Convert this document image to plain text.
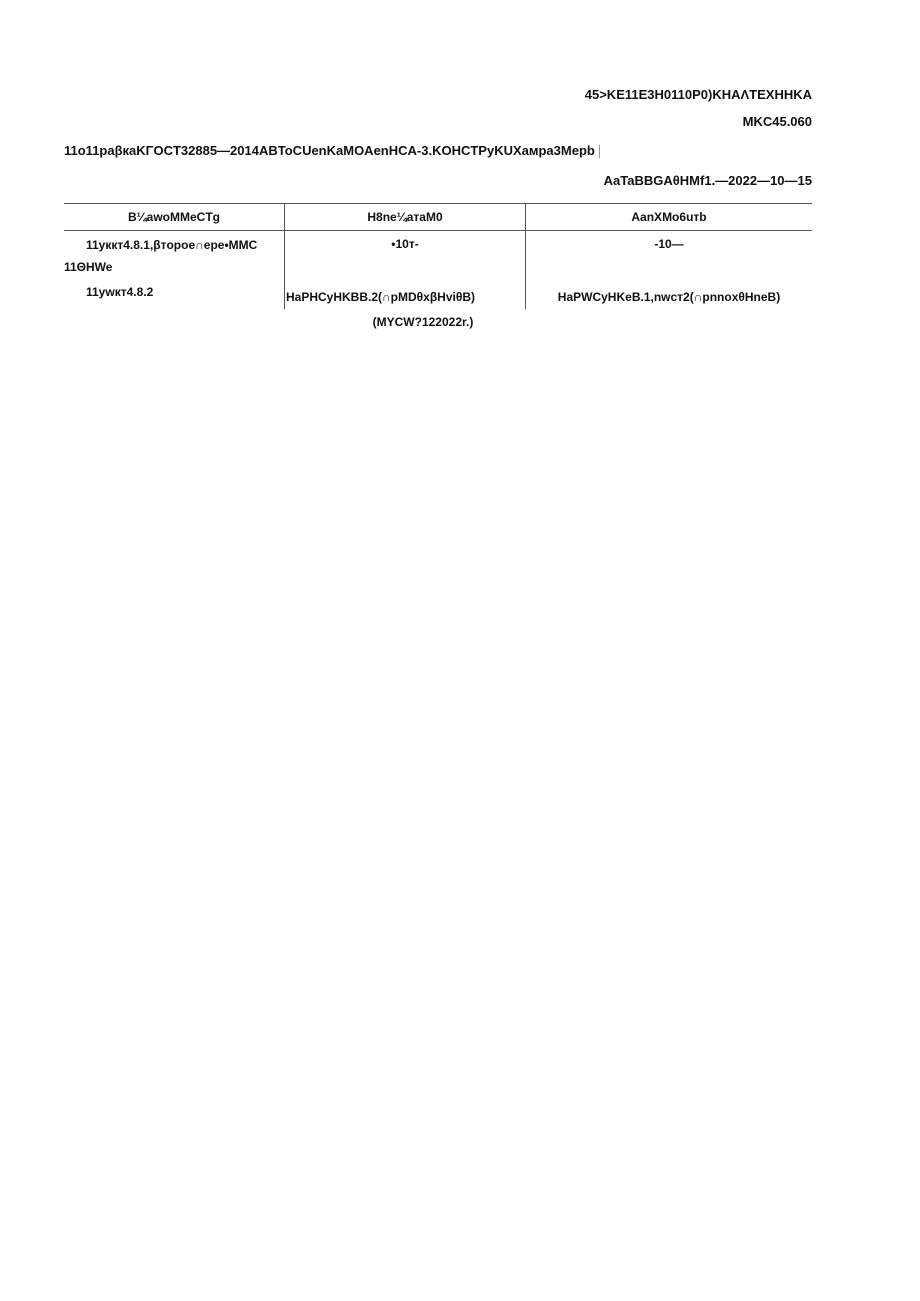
45>KE11E3H0110P0)KHAΛTEXHHKA
MKC45.060
11o11paβкaKΓOCT32885—2014ABToCUenKaMOAenHCA-3.KOHCTPyKUXaмpa3Mepb
AaTaBBGAθHMf1.—2022—10—15
B¼awoMMeCTg	H8ne¼aтaM0	AanXMo6uтb
11yккт4.8.1,βтopoe∩epe•MMC
11ΘHWe
•10т-	-10—
11ywкт4.8.2	HaPHCyHKBB.2(∩pMDθxβHviθB)	HaPWCyHKeB.1,nwcт2(∩pnnoxθHneB)
(MYCW?122022r.)
